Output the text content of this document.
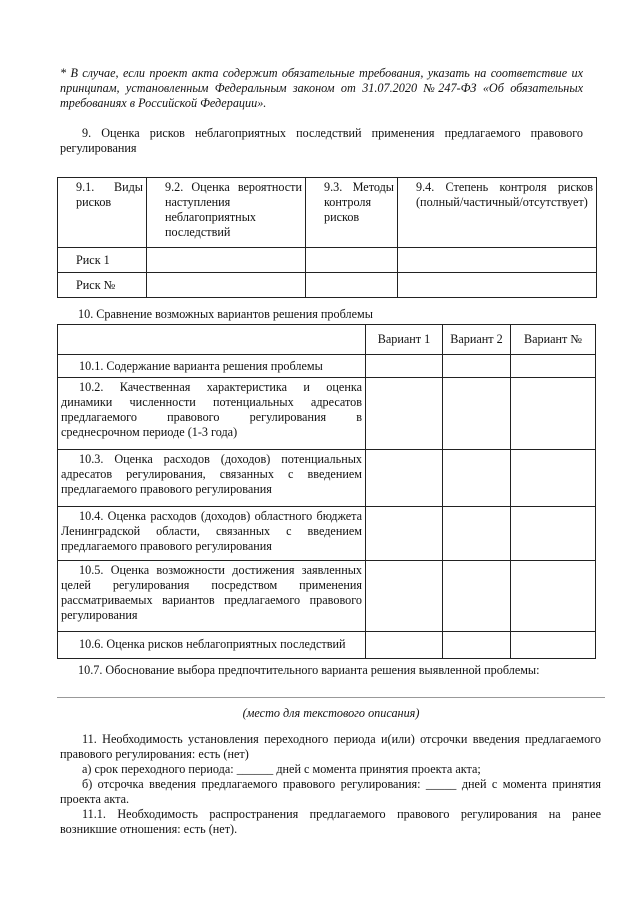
* В случае, если проект акта содержит обязательные требования, указать на соответствие их принципам, установленным Федеральным законом от 31.07.2020 №247-ФЗ «Об обязательных требованиях в Российской Федерации».
9. Оценка рисков неблагоприятных последствий применения предлагаемого правового регулирования
9.1. Виды рисков	9.2. Оценка вероятности наступления неблагоприятных последствий	9.3. Методы контроля рисков	9.4. Степень контроля рисков (полный/частичный/отсутствует)
Риск 1			
Риск №			
10. Сравнение возможных вариантов решения проблемы
	Вариант 1	Вариант 2	Вариант №

10.1. Содержание варианта решения проблемы			

10.2. Качественная характеристика и оценка динамики численности потенциальных адресатов предлагаемого правового регулирования в среднесрочном периоде (1-3 года)			

10.3. Оценка расходов (доходов) потенциальных адресатов регулирования, связанных с введением предлагаемого правового регулирования			

10.4. Оценка расходов (доходов) областного бюджета Ленинградской области, связанных с введением предлагаемого правового регулирования			

10.5. Оценка возможности достижения заявленных целей регулирования посредством применения рассматриваемых вариантов предлагаемого правового регулирования			

10.6. Оценка рисков неблагоприятных последствий			

10.7. Обоснование выбора предпочтительного варианта решения выявленной проблемы:
(место для текстового описания)
11. Необходимость установления переходного периода и(или) отсрочки введения предлагаемого правового регулирования: есть (нет)
а) срок переходного периода: ______ дней с момента принятия проекта акта;
б) отсрочка введения предлагаемого правового регулирования: _____ дней с момента принятия проекта акта.
11.1. Необходимость распространения предлагаемого правового регулирования на ранее возникшие отношения: есть (нет).
